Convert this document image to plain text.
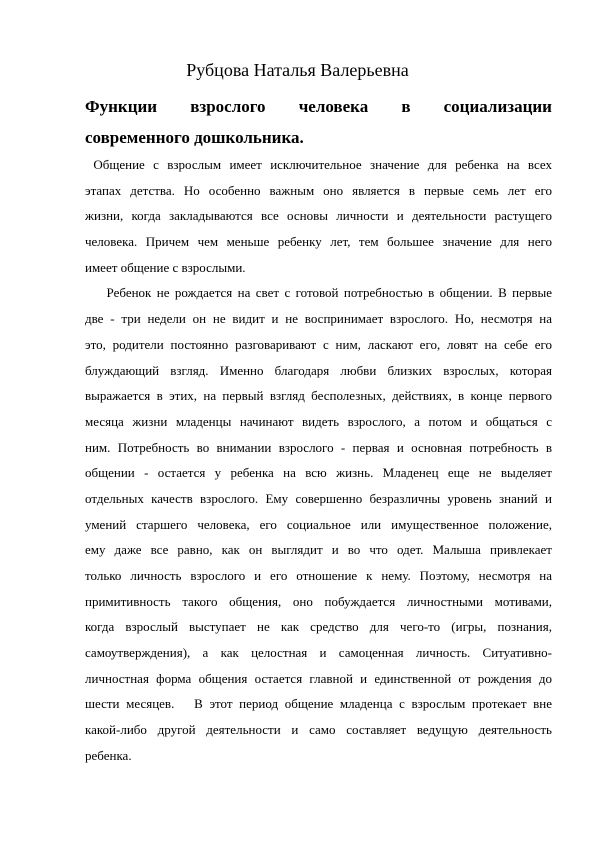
Рубцова Наталья Валерьевна
Функции взрослого человека в социализации
современного дошкольника.
Общение с взрослым имеет исключительное значение для ребенка на всех
этапах детства. Но особенно важным оно является в первые семь лет его
жизни, когда закладываются все основы личности и деятельности растущего
человека. Причем чем меньше ребенку лет, тем большее значение для него
имеет общение с взрослыми.
Ребенок не рождается на свет с готовой потребностью в общении. В первые
две - три недели он не видит и не воспринимает взрослого. Но, несмотря на
это, родители постоянно разговаривают с ним, ласкают его, ловят на себе его
блуждающий взгляд. Именно благодаря любви близких взрослых, которая
выражается в этих, на первый взгляд бесполезных, действиях, в конце первого
месяца жизни младенцы начинают видеть взрослого, а потом и общаться с
ним. Потребность во внимании взрослого - первая и основная потребность в
общении - остается у ребенка на всю жизнь. Младенец еще не выделяет
отдельных качеств взрослого. Ему совершенно безразличны уровень знаний и
умений старшего человека, его социальное или имущественное положение,
ему даже все равно, как он выглядит и во что одет. Малыша привлекает
только личность взрослого и его отношение к нему. Поэтому, несмотря на
примитивность такого общения, оно побуждается личностными мотивами,
когда взрослый выступает не как средство для чего-то (игры, познания,
самоутверждения), а как целостная и самоценная личность. Ситуативно-
личностная форма общения остается главной и единственной от рождения до
шести месяцев.   В этот период общение младенца с взрослым протекает вне
какой-либо другой деятельности и само составляет ведущую деятельность
ребенка.
